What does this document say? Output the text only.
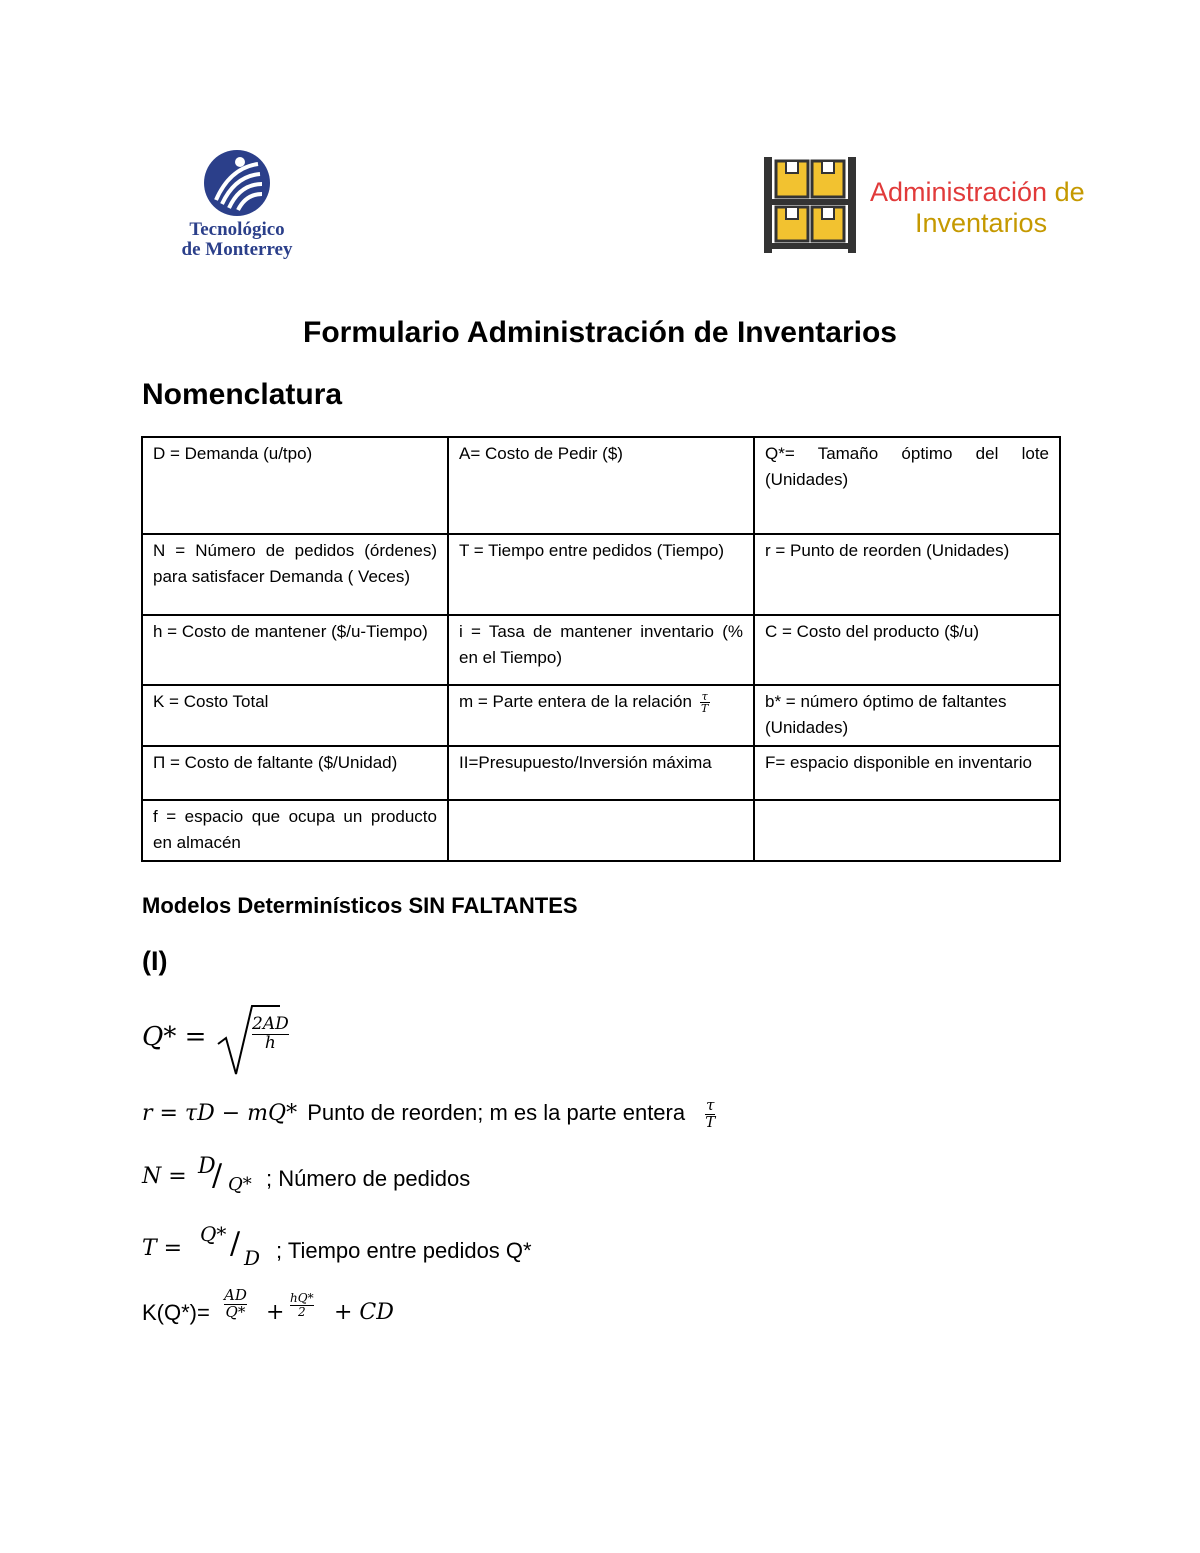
Tecnológico
de Monterrey
Administración de
Inventarios
Formulario Administración de Inventarios
Nomenclatura
D = Demanda (u/tpo)	A= Costo de Pedir ($)	Q*= Tamaño óptimo del lote (Unidades)
N = Número de pedidos (órdenes) para satisfacer Demanda ( Veces)	T = Tiempo entre pedidos (Tiempo)	r = Punto de reorden (Unidades)
h = Costo de mantener ($/u-Tiempo)	i = Tasa de mantener inventario (% en el Tiempo)	C = Costo del producto ($/u)
K = Costo Total	m = Parte entera de la relación $\frac{\tau}{T}$	b* = número óptimo de faltantes (Unidades)
Π = Costo de faltante ($/Unidad)	II=Presupuesto/Inversión máxima	F= espacio disponible en inventario
f = espacio que ocupa un producto en almacén		
Modelos Determinísticos SIN FALTANTES
(I)
Q* =	2AD
h
r = τD − mQ* Punto de reorden; m es la parte entera $\frac{\tau}{T}$
N = D
/ Q* ; Número de pedidos
T =
Q* / D ; Tiempo entre pedidos Q*
K(Q*)=
AD
Q* +
hQ*
2 + CD
